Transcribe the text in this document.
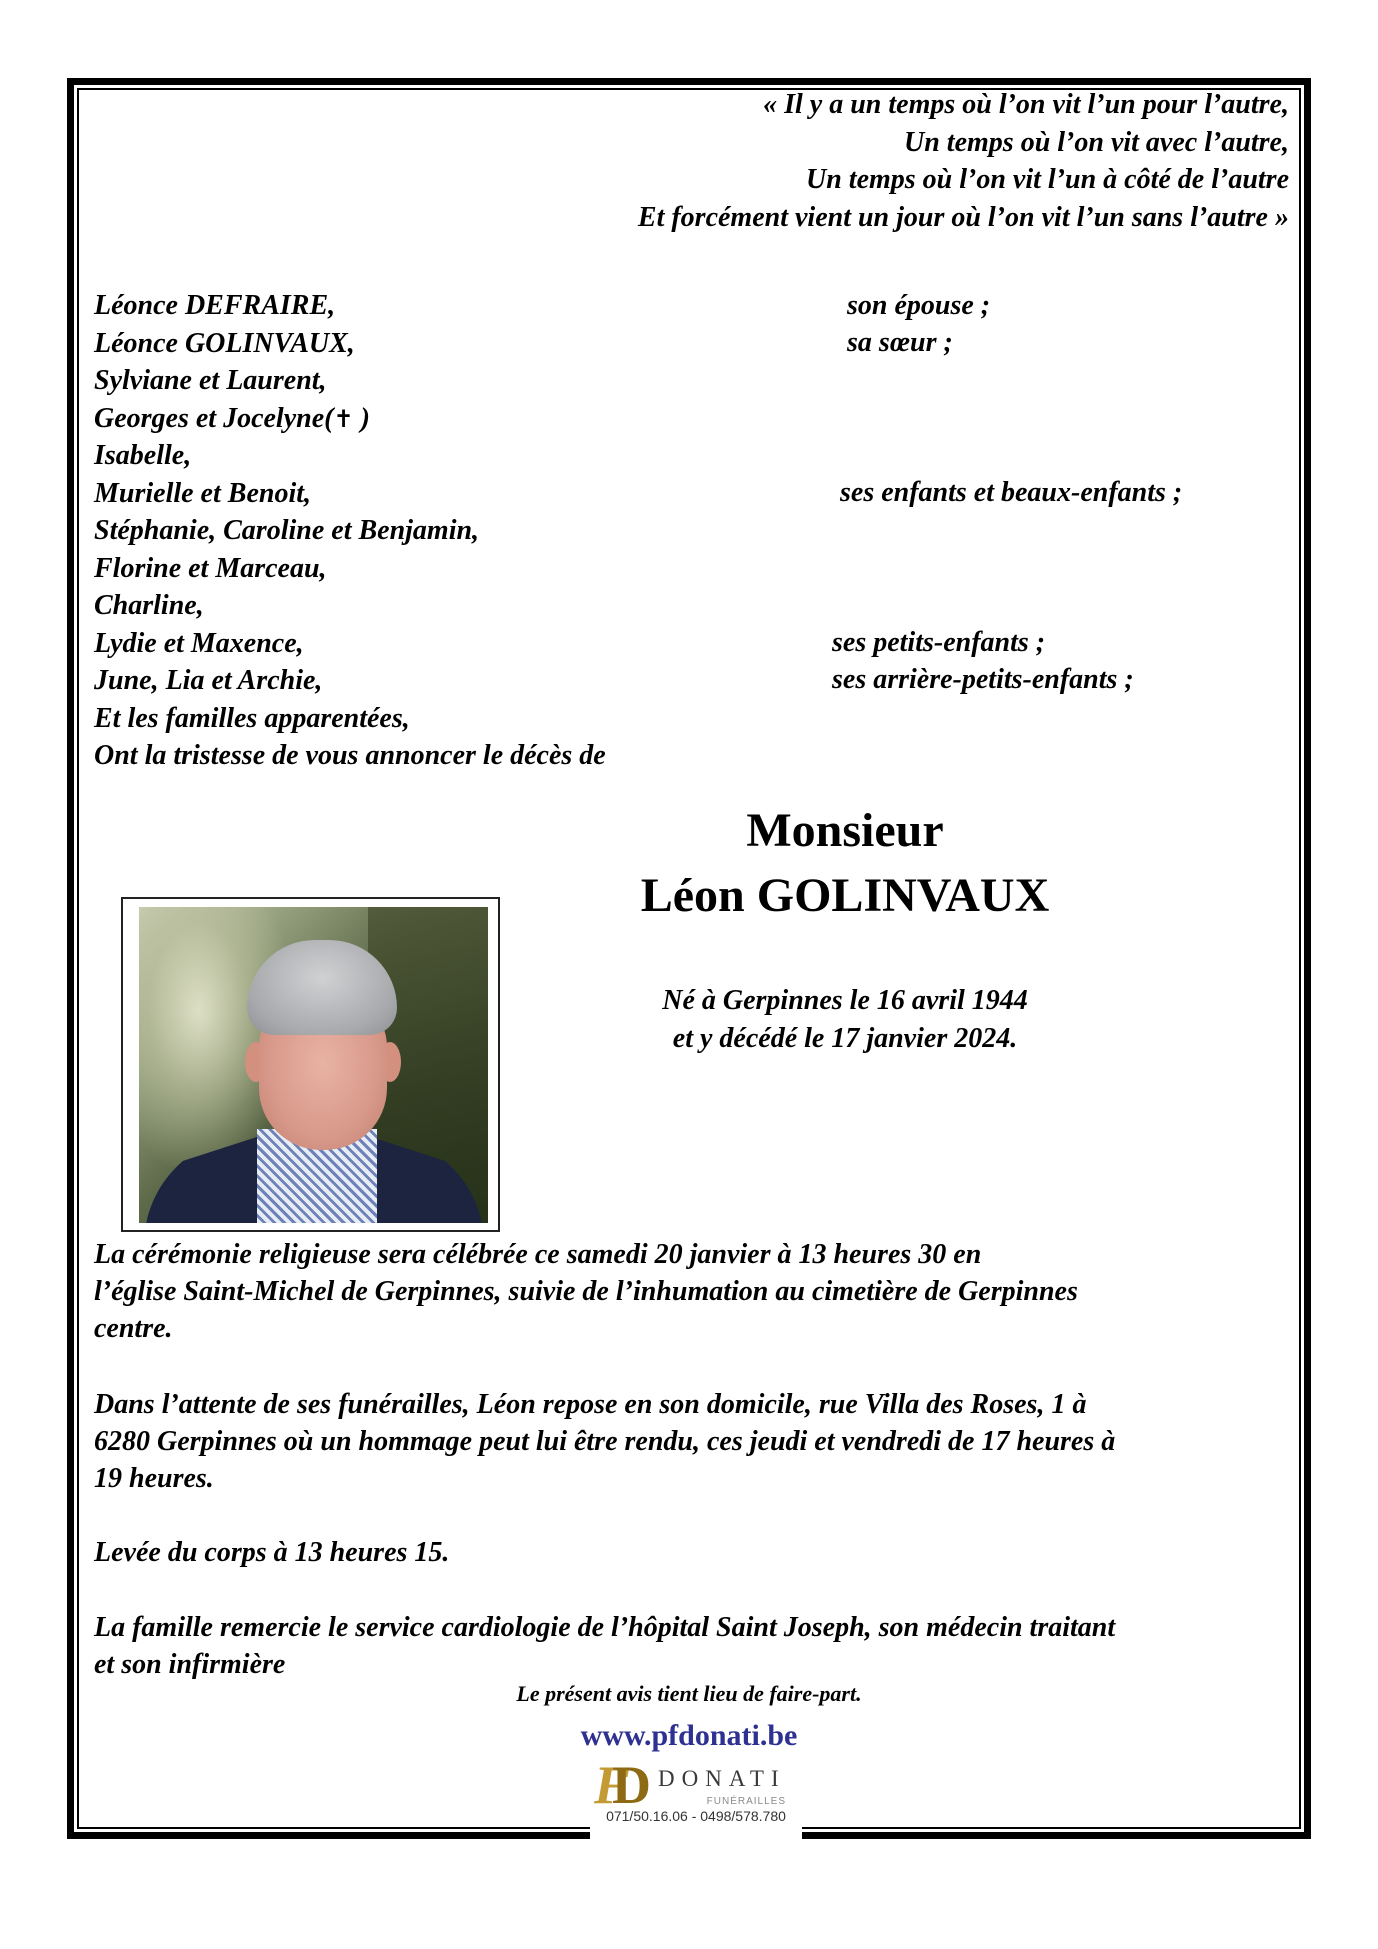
« Il y a un temps où l’on vit l’un pour l’autre,
Un temps où l’on vit avec l’autre,
Un temps où l’on vit l’un à côté de l’autre
Et forcément vient un jour où l’on vit l’un sans l’autre »
Léonce DEFRAIRE,
Léonce GOLINVAUX,
Sylviane et Laurent,
Georges et Jocelyne(✝ )
Isabelle,
Murielle et Benoit,
Stéphanie, Caroline et Benjamin,
Florine et Marceau,
Charline,
Lydie et Maxence,
June, Lia et Archie,
Et les familles apparentées,
Ont la tristesse de vous annoncer le décès de
son épouse ;
sa sœur ;
ses enfants et beaux-enfants ;
ses petits-enfants ;
ses arrière-petits-enfants ;
Monsieur
Léon GOLINVAUX
Né à Gerpinnes le 16 avril 1944
et y décédé le 17 janvier 2024.
La cérémonie religieuse sera célébrée ce samedi 20 janvier à 13 heures 30 en
l’église Saint-Michel de Gerpinnes, suivie de l’inhumation au cimetière de Gerpinnes
centre.
Dans l’attente de ses funérailles, Léon repose en son domicile, rue Villa des Roses, 1 à
6280 Gerpinnes où un hommage peut lui être rendu, ces jeudi et vendredi de 17 heures à
19 heures.
Levée du corps à 13 heures 15.
La famille remercie le service cardiologie de l’hôpital Saint Joseph, son médecin traitant
et son infirmière
Le présent avis tient lieu de faire-part.
www.pfdonati.be
FD DONATI
FUNÉRAILLES
071/50.16.06 - 0498/578.780
